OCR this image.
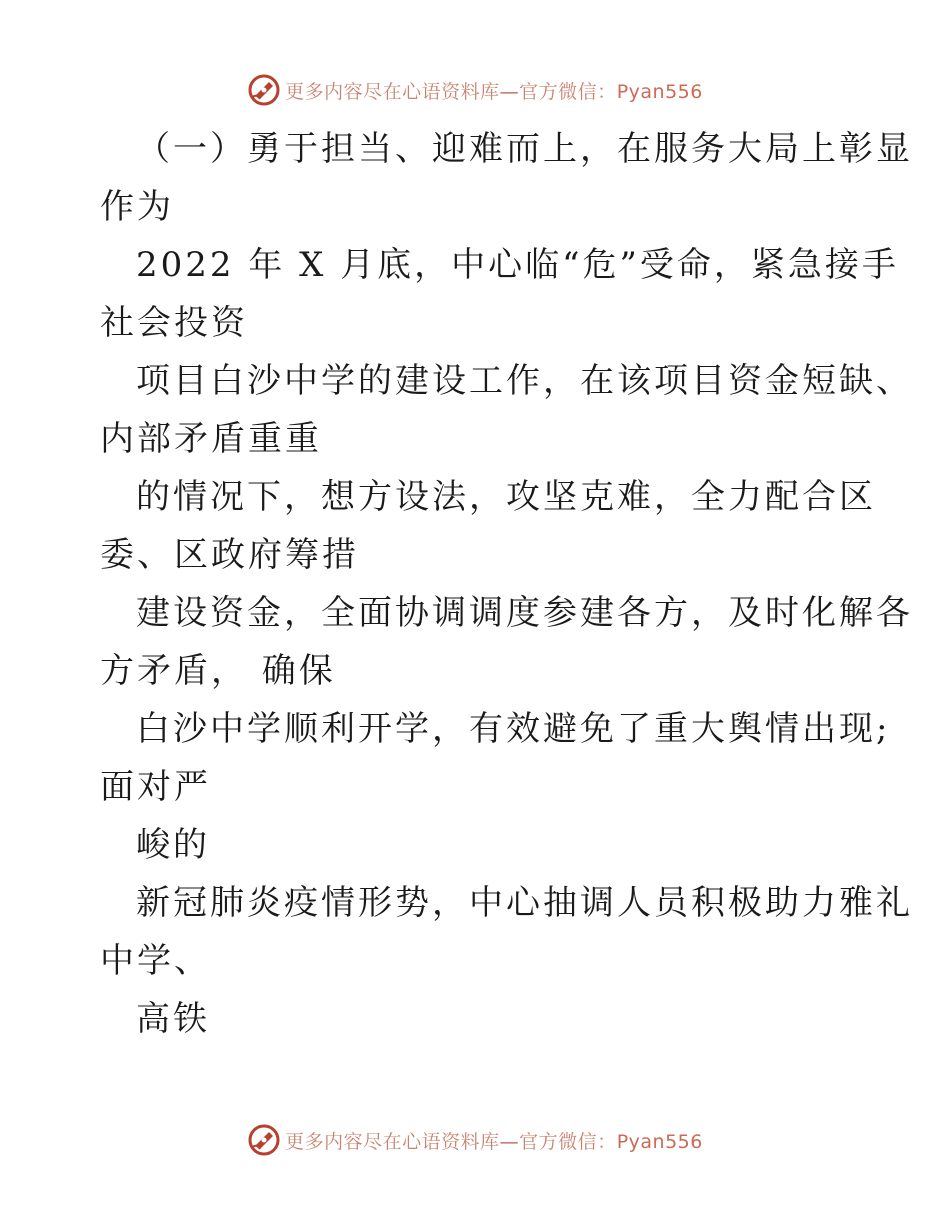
更多内容尽在心语资料库—官方微信：Pyan556
（一）勇于担当、迎难而上，在服务大局上彰显
作为
2022 年 X 月底，中心临“危”受命，紧急接手
社会投资
项目白沙中学的建设工作，在该项目资金短缺、
内部矛盾重重
的情况下，想方设法，攻坚克难，全力配合区
委、区政府筹措
建设资金，全面协调调度参建各方，及时化解各
方矛盾， 确保
白沙中学顺利开学，有效避免了重大舆情出现;
面对严
峻的
新冠肺炎疫情形势，中心抽调人员积极助力雅礼
中学、
高铁
更多内容尽在心语资料库—官方微信：Pyan556
